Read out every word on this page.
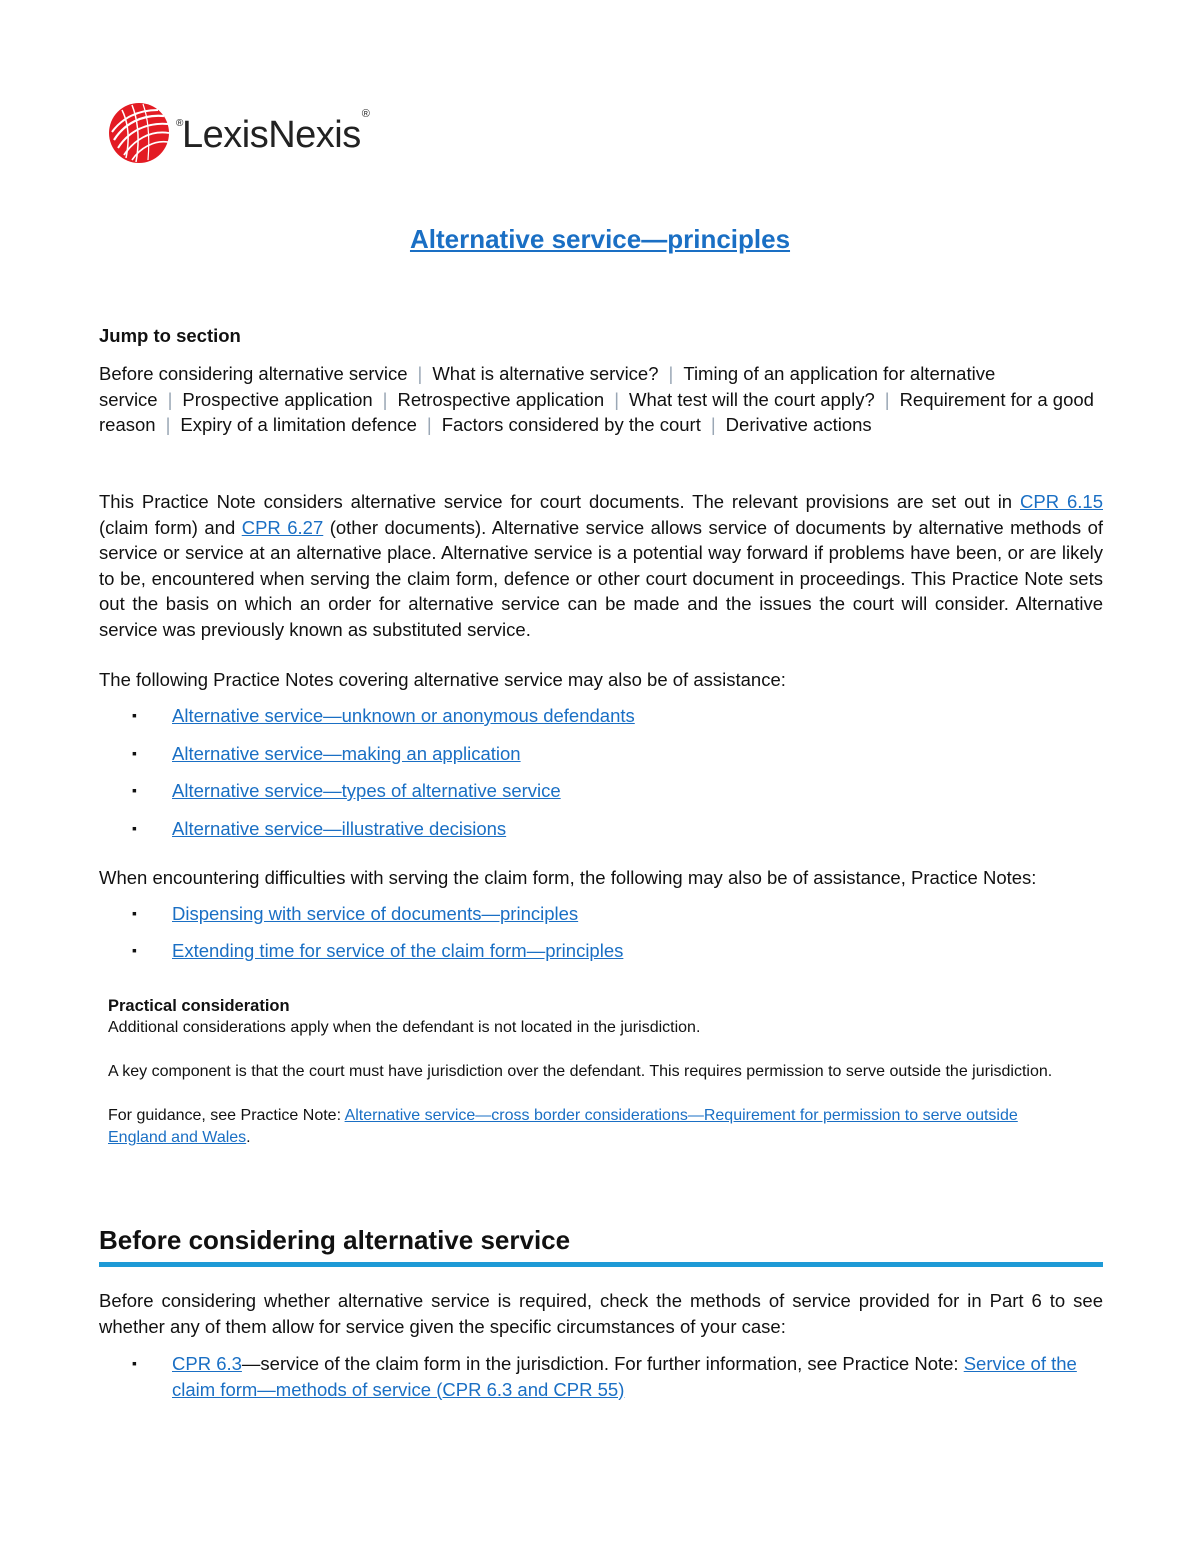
® LexisNexis®
Alternative service—principles
Jump to section
Before considering alternative service | What is alternative service? | Timing of an application for alternative service | Prospective application | Retrospective application | What test will the court apply? | Requirement for a good reason | Expiry of a limitation defence | Factors considered by the court | Derivative actions
This Practice Note considers alternative service for court documents. The relevant provisions are set out in CPR 6.15 (claim form) and CPR 6.27 (other documents). Alternative service allows service of documents by alternative methods of service or service at an alternative place. Alternative service is a potential way forward if problems have been, or are likely to be, encountered when serving the claim form, defence or other court document in proceedings. This Practice Note sets out the basis on which an order for alternative service can be made and the issues the court will consider. Alternative service was previously known as substituted service.
The following Practice Notes covering alternative service may also be of assistance:
▪ Alternative service—unknown or anonymous defendants
▪ Alternative service—making an application
▪ Alternative service—types of alternative service
▪ Alternative service—illustrative decisions
When encountering difficulties with serving the claim form, the following may also be of assistance, Practice Notes:
▪ Dispensing with service of documents—principles
▪ Extending time for service of the claim form—principles

Practical consideration

Additional considerations apply when the defendant is not located in the jurisdiction.

A key component is that the court must have jurisdiction over the defendant. This requires permission to serve outside the jurisdiction.

For guidance, see Practice Note: Alternative service—cross border considerations—Requirement for permission to serve outside England and Wales.

Before considering alternative service
Before considering whether alternative service is required, check the methods of service provided for in Part 6 to see whether any of them allow for service given the specific circumstances of your case:
▪ CPR 6.3—service of the claim form in the jurisdiction. For further information, see Practice Note: Service of the claim form—methods of service (CPR 6.3 and CPR 55)
